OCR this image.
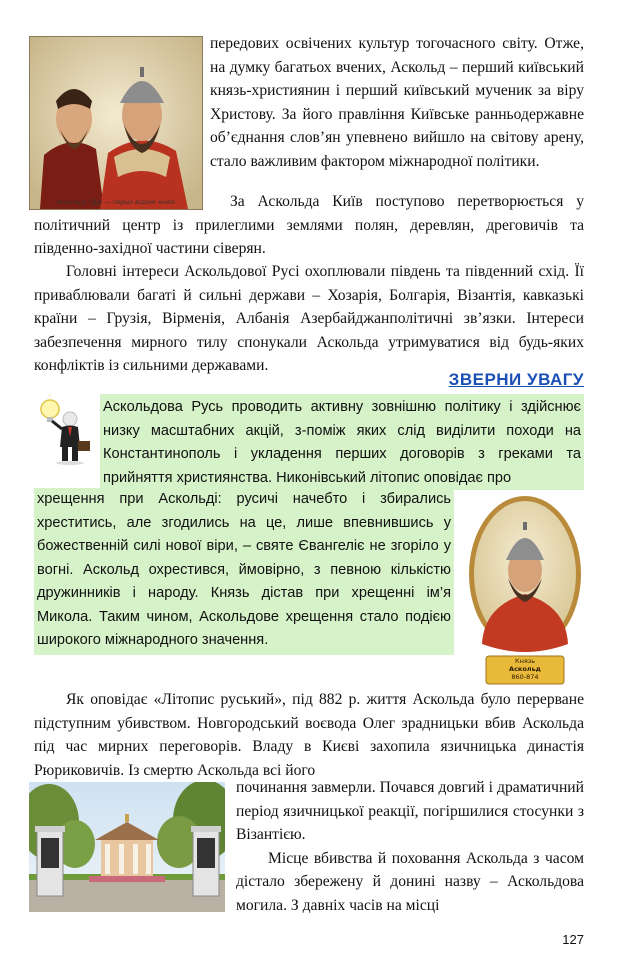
Аскольд і Дір — перші відомі князі

передових освічених культур тогочасного світу. Отже, на думку багатьох вчених, Аскольд – перший київський князь-християнин і перший київський мученик за віру Христову. За його правління Київське ранньодержавне об’єднання слов’ян упевнено вийшло на світову арену, стало важливим фактором міжнародної політики.

За Аскольда Київ поступово перетворюється у політичний центр із прилеглими землями полян, деревлян, дреговичів та південно-західної частини сіверян.

Головні інтереси Аскольдової Русі охоплювали південь та південний схід. Її приваблювали багаті й сильні держави – Хозарія, Болгарія, Візантія, кавказькі країни – Грузія, Вірменія, Албанія Азербайджанполітичні зв’язки. Інтереси забезпечення мирного тилу спонукали Аскольда утримуватися від будь-яких конфліктів із сильними державами.

ЗВЕРНИ УВАГУ

Аскольдова Русь проводить активну зовнішню політику і здійснює низку масштабних акцій, з-поміж яких слід виділити походи на Константинополь і укладення перших договорів з греками та прийняття християнства. Никонівський літопис оповідає про

хрещення при Аскольді: русичі начебто і збирались хреститись, але згодились на це, лише впевнившись у божественній силі нової віри, – святе Євангеліє не згоріло у вогні. Аскольд охрестився, ймовірно, з певною кількістю дружинників і народу. Князь дістав при хрещенні ім’я Микола. Таким чином, Аскольдове хрещення стало подією широкого міжнародного значення.

Князь
Аскольд
860-874

Як оповідає «Літопис руський», під 882 р. життя Аскольда було перерване підступним убивством. Новгородський воєвода Олег зрадницьки вбив Аскольда під час мирних переговорів. Владу в Києві захопила язичницька династія Рюриковичів. Із смертю Аскольда всі його

починання завмерли. Почався довгий і драматичний період язичницької реакції, погіршилися стосунки з Візантією.

Місце вбивства й поховання Аскольда з часом дістало збережену й донині назву – Аскольдова могила. З давніх часів на місці

127
